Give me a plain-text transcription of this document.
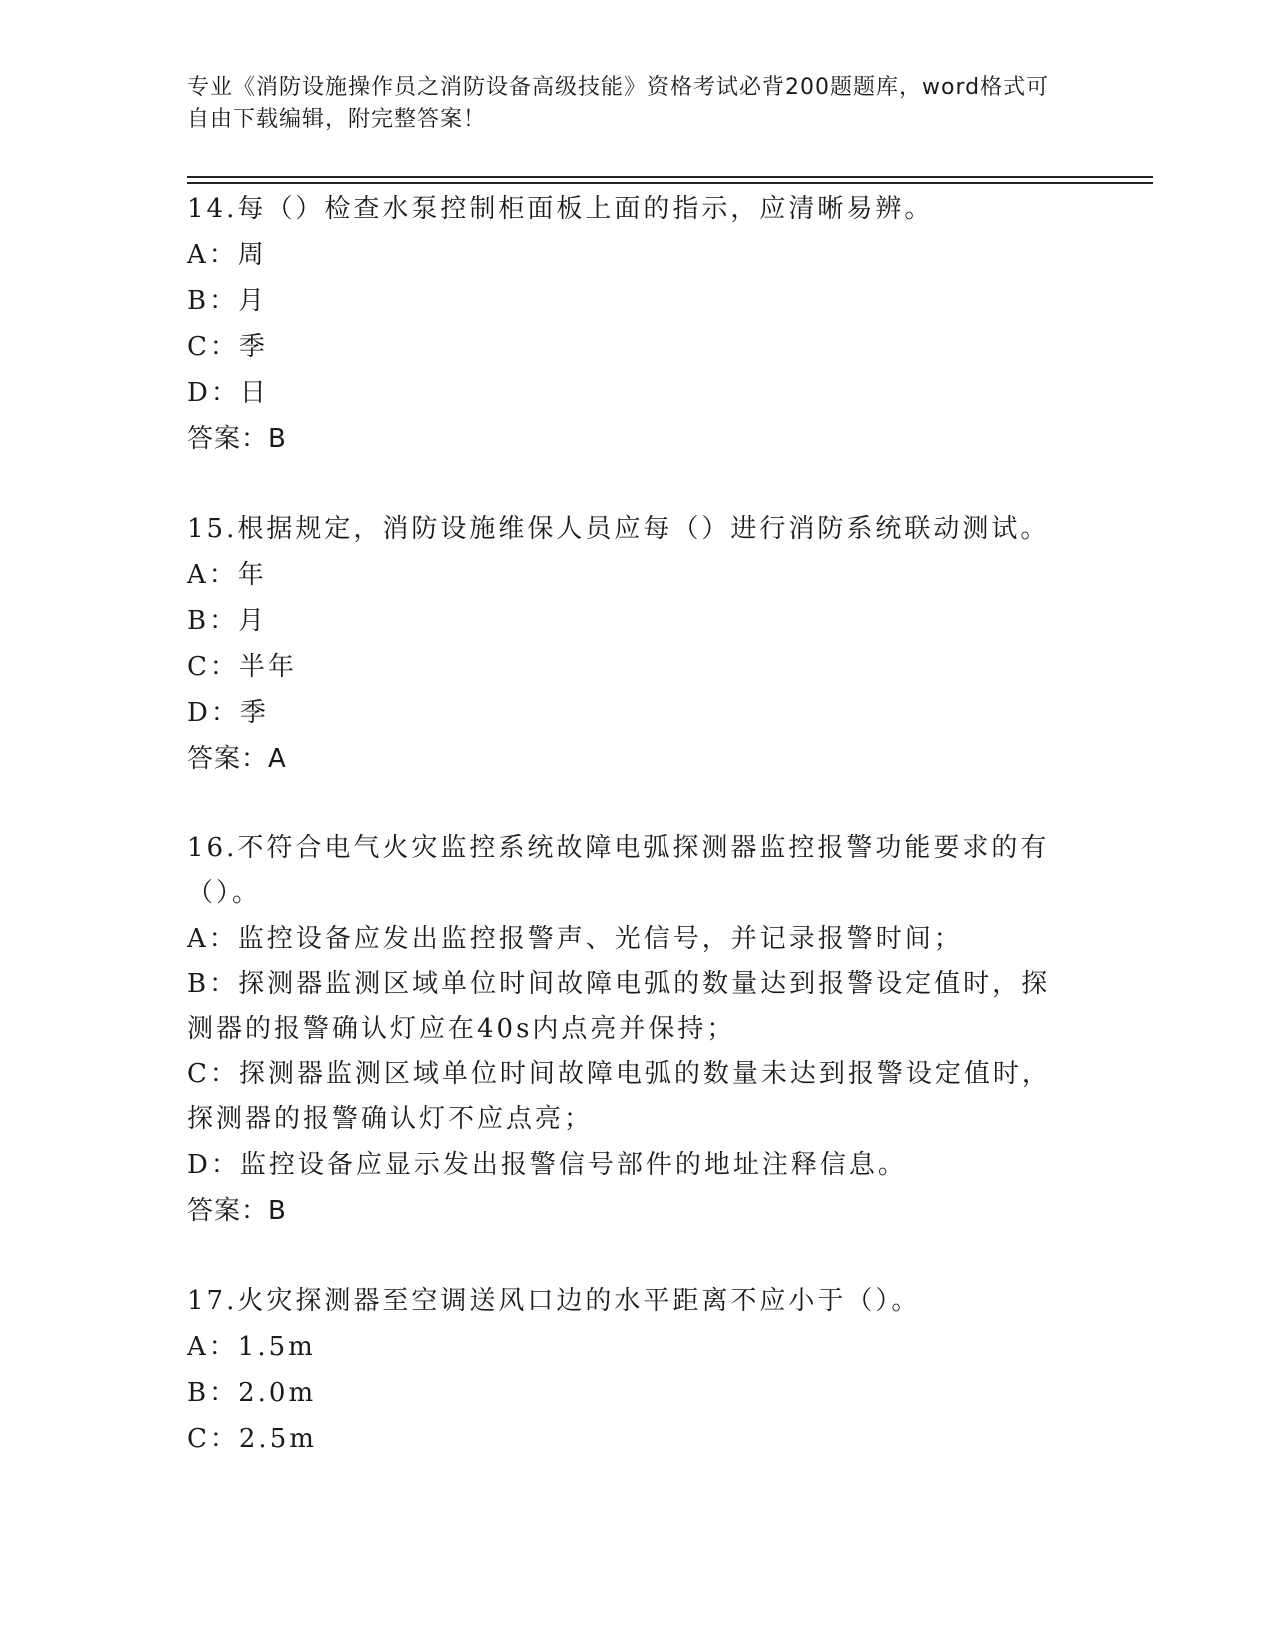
专业《消防设施操作员之消防设备高级技能》资格考试必背200题题库，word格式可自由下载编辑，附完整答案！
14.每（）检查水泵控制柜面板上面的指示，应清晰易辨。
A：周
B：月
C：季
D：日
答案：B
15.根据规定，消防设施维保人员应每（）进行消防系统联动测试。
A：年
B：月
C：半年
D：季
答案：A
16.不符合电气火灾监控系统故障电弧探测器监控报警功能要求的有（）。
A：监控设备应发出监控报警声、光信号，并记录报警时间；
B：探测器监测区域单位时间故障电弧的数量达到报警设定值时，探测器的报警确认灯应在40s内点亮并保持；
C：探测器监测区域单位时间故障电弧的数量未达到报警设定值时，探测器的报警确认灯不应点亮；
D：监控设备应显示发出报警信号部件的地址注释信息。
答案：B
17.火灾探测器至空调送风口边的水平距离不应小于（）。
A：1.5m
B：2.0m
C：2.5m
